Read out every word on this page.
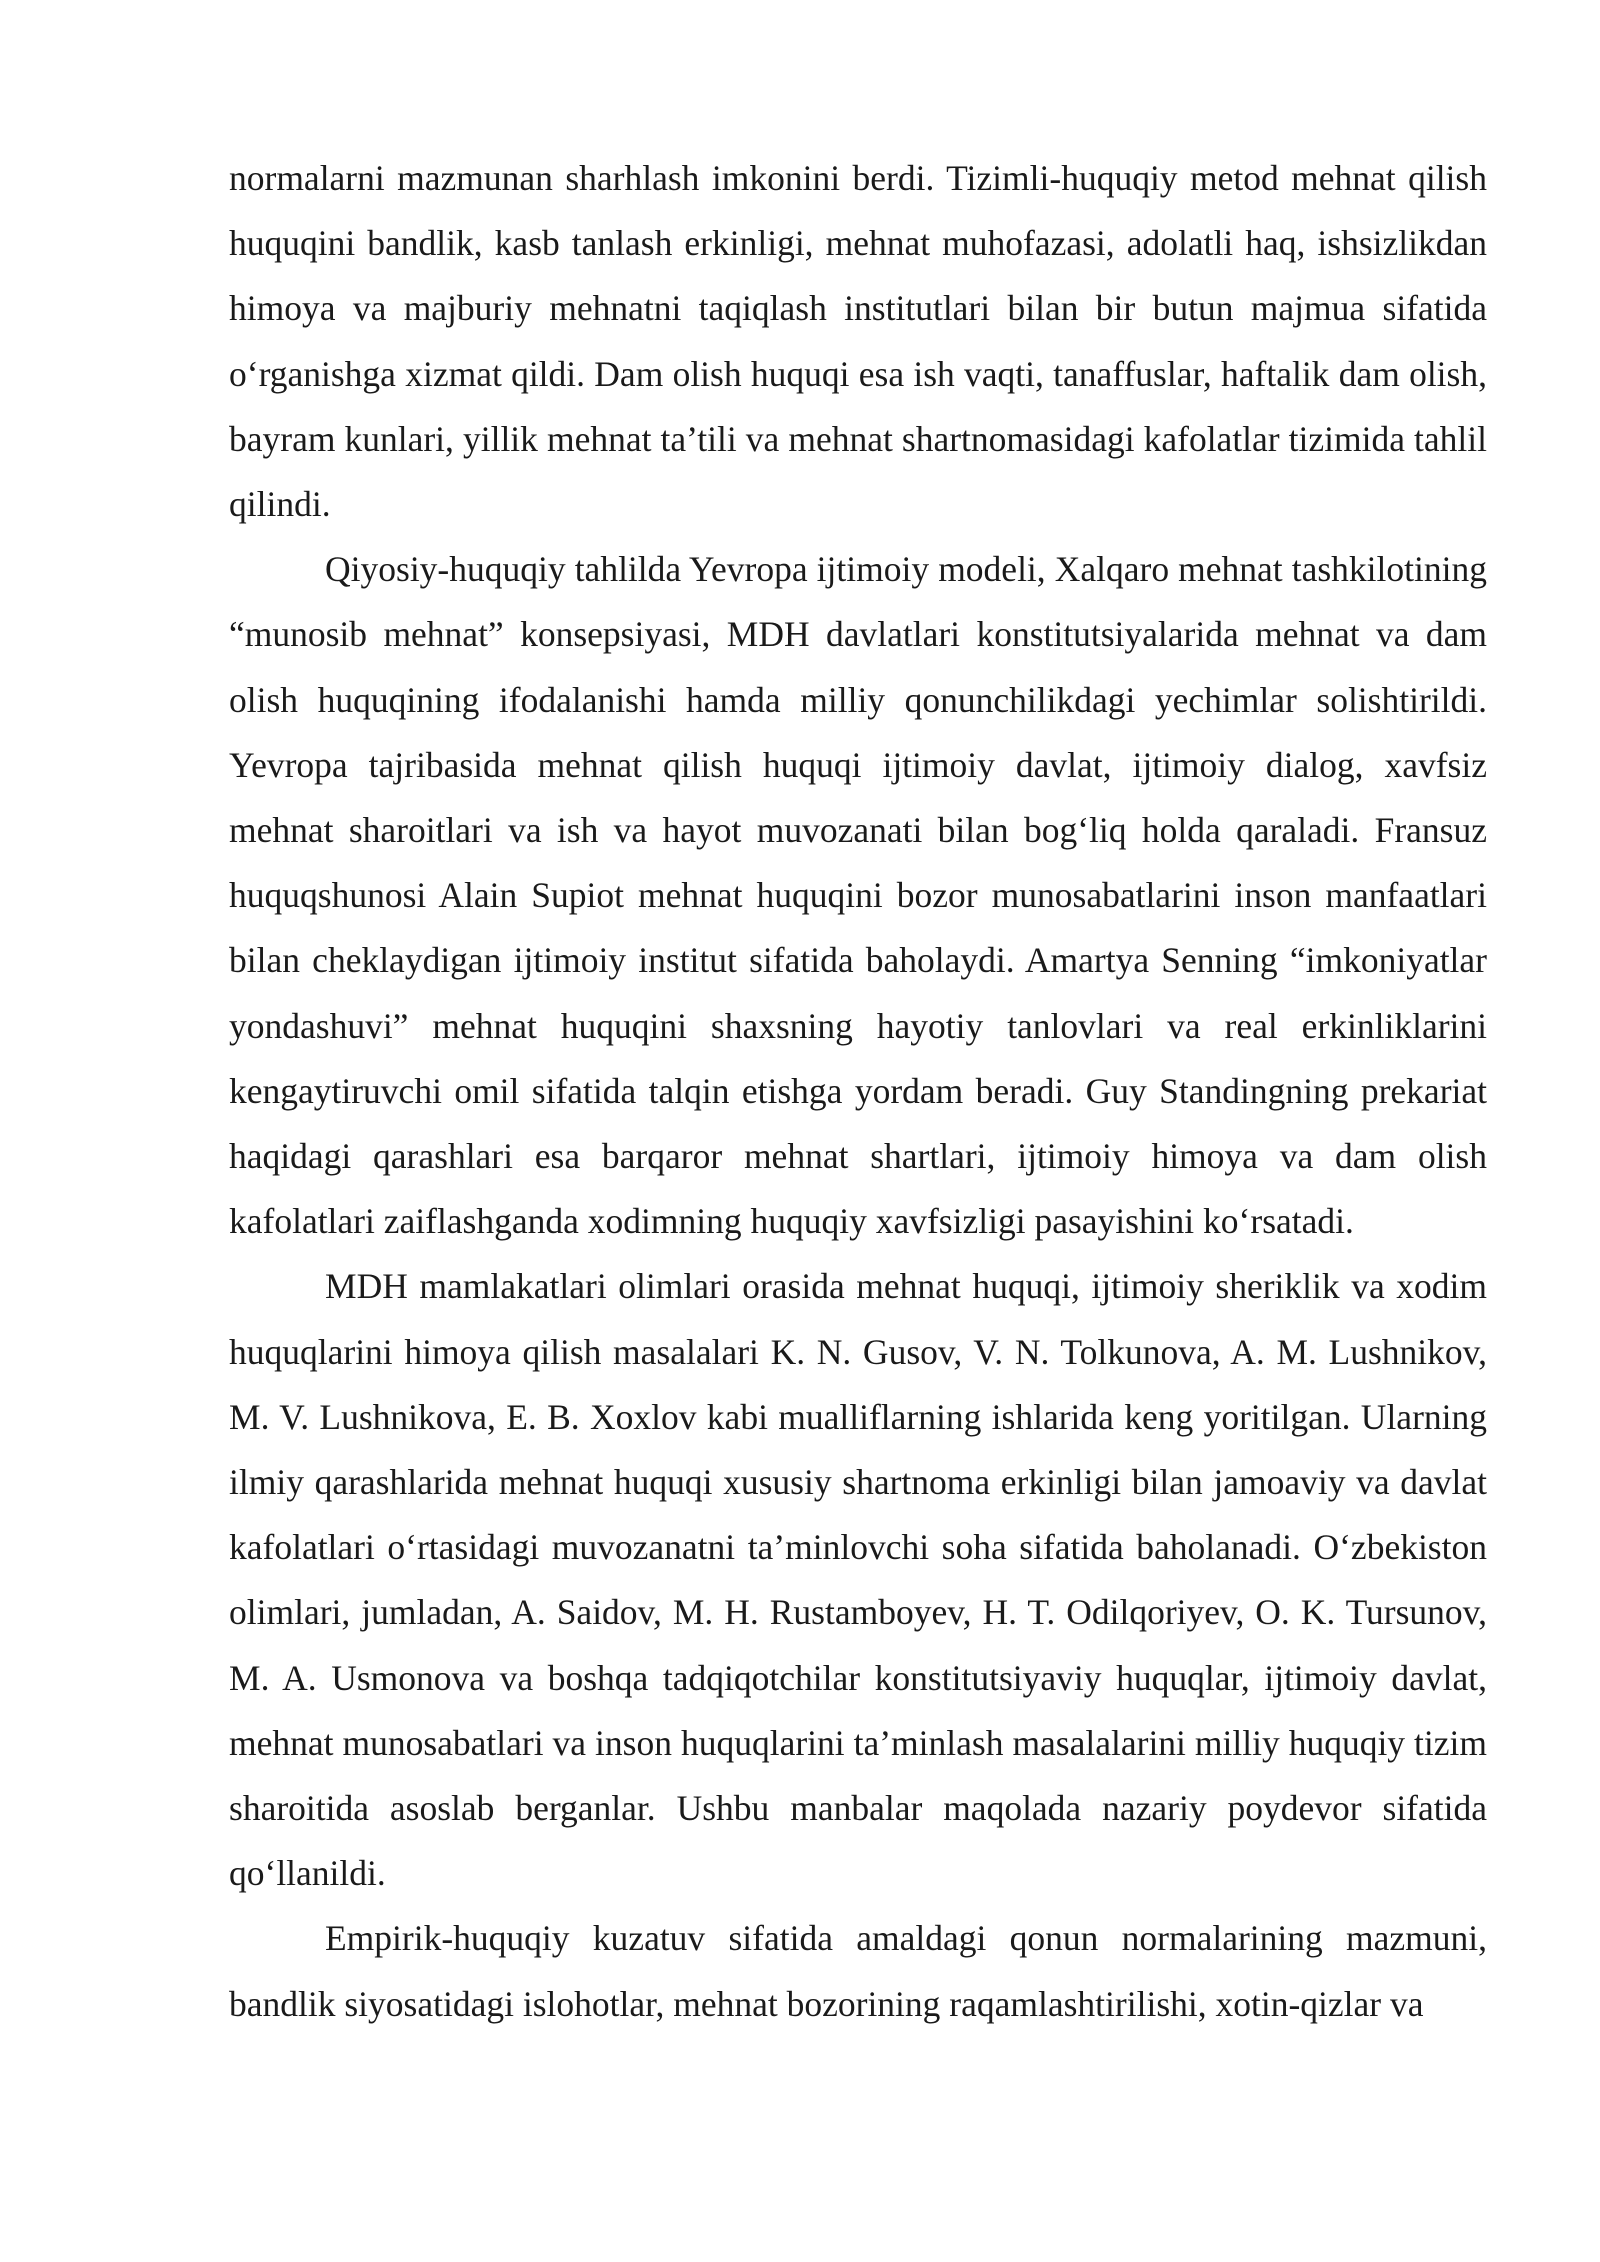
normalarni mazmunan sharhlash imkonini berdi. Tizimli-huquqiy metod mehnat qilish huquqini bandlik, kasb tanlash erkinligi, mehnat muhofazasi, adolatli haq, ishsizlikdan himoya va majburiy mehnatni taqiqlash institutlari bilan bir butun majmua sifatida o‘rganishga xizmat qildi. Dam olish huquqi esa ish vaqti, tanaffuslar, haftalik dam olish, bayram kunlari, yillik mehnat ta’tili va mehnat shartnomasidagi kafolatlar tizimida tahlil qilindi.

Qiyosiy-huquqiy tahlilda Yevropa ijtimoiy modeli, Xalqaro mehnat tashkilotining “munosib mehnat” konsepsiyasi, MDH davlatlari konstitutsiyalarida mehnat va dam olish huquqining ifodalanishi hamda milliy qonunchilikdagi yechimlar solishtirildi. Yevropa tajribasida mehnat qilish huquqi ijtimoiy davlat, ijtimoiy dialog, xavfsiz mehnat sharoitlari va ish va hayot muvozanati bilan bog‘liq holda qaraladi. Fransuz huquqshunosi Alain Supiot mehnat huquqini bozor munosabatlarini inson manfaatlari bilan cheklaydigan ijtimoiy institut sifatida baholaydi. Amartya Senning “imkoniyatlar yondashuvi” mehnat huquqini shaxsning hayotiy tanlovlari va real erkinliklarini kengaytiruvchi omil sifatida talqin etishga yordam beradi. Guy Standingning prekariat haqidagi qarashlari esa barqaror mehnat shartlari, ijtimoiy himoya va dam olish kafolatlari zaiflashganda xodimning huquqiy xavfsizligi pasayishini ko‘rsatadi.

MDH mamlakatlari olimlari orasida mehnat huquqi, ijtimoiy sheriklik va xodim huquqlarini himoya qilish masalalari K. N. Gusov, V. N. Tolkunova, A. M. Lushnikov, M. V. Lushnikova, E. B. Xoxlov kabi mualliflarning ishlarida keng yoritilgan. Ularning ilmiy qarashlarida mehnat huquqi xususiy shartnoma erkinligi bilan jamoaviy va davlat kafolatlari o‘rtasidagi muvozanatni ta’minlovchi soha sifatida baholanadi. O‘zbekiston olimlari, jumladan, A. Saidov, M. H. Rustamboyev, H. T. Odilqoriyev, O. K. Tursunov, M. A. Usmonova va boshqa tadqiqotchilar konstitutsiyaviy huquqlar, ijtimoiy davlat, mehnat munosabatlari va inson huquqlarini ta’minlash masalalarini milliy huquqiy tizim sharoitida asoslab berganlar. Ushbu manbalar maqolada nazariy poydevor sifatida qo‘llanildi.

Empirik-huquqiy kuzatuv sifatida amaldagi qonun normalarining mazmuni, bandlik siyosatidagi islohotlar, mehnat bozorining raqamlashtirilishi, xotin-qizlar va
